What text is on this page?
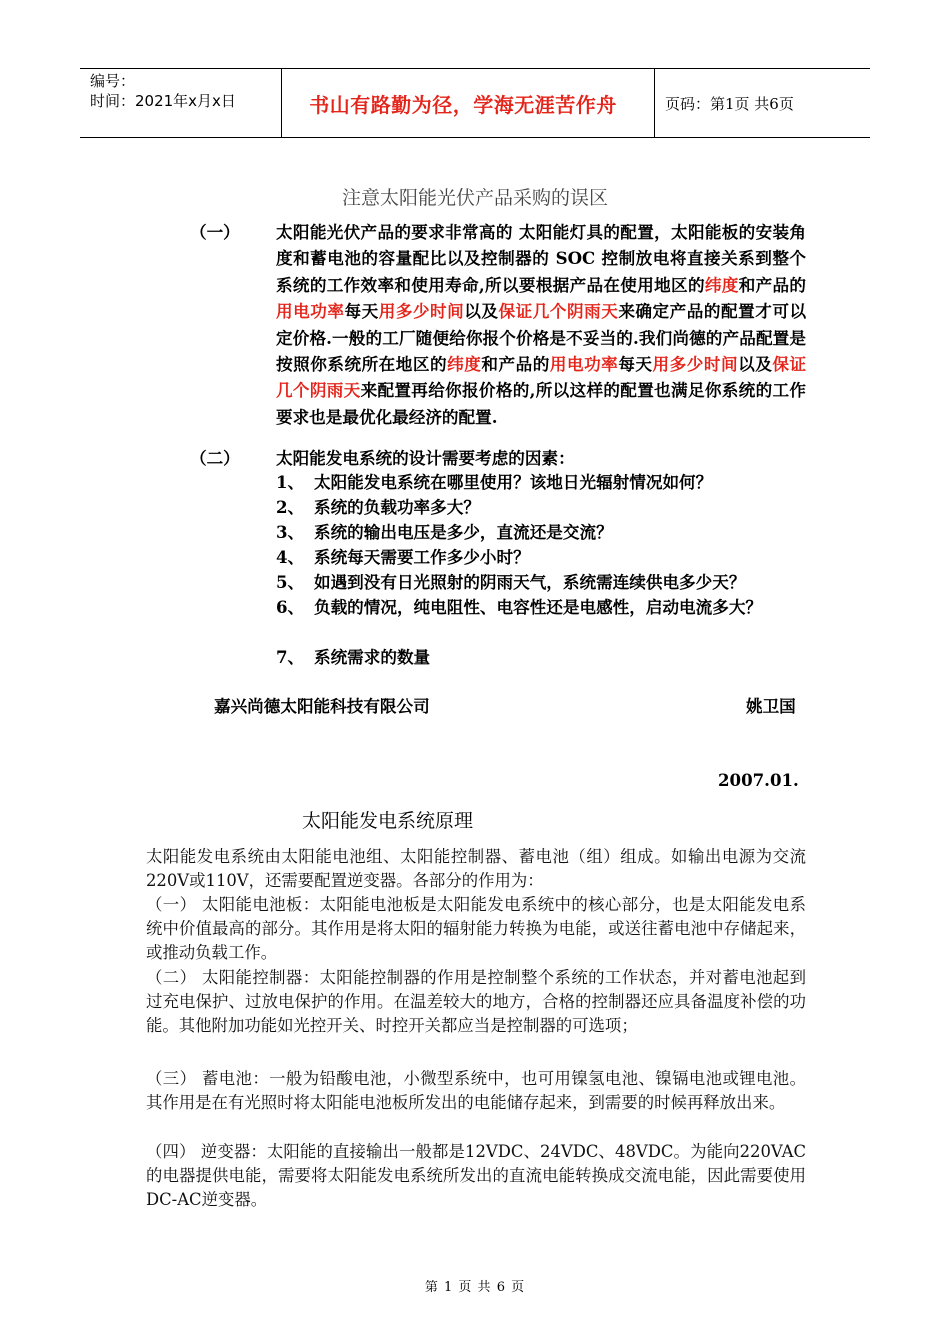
编号：
时间：2021年x月x日	书山有路勤为径，学海无涯苦作舟	页码：第1页 共6页
注意太阳能光伏产品采购的误区
（一） 太阳能光伏产品的要求非常高的 太阳能灯具的配置，太阳能板的安装角度和蓄电池的容量配比以及控制器的 SOC 控制放电将直接关系到整个系统的工作效率和使用寿命,所以要根据产品在使用地区的纬度和产品的用电功率每天用多少时间以及保证几个阴雨天来确定产品的配置才可以定价格.一般的工厂随便给你报个价格是不妥当的.我们尚德的产品配置是按照你系统所在地区的纬度和产品的用电功率每天用多少时间以及保证几个阴雨天来配置再给你报价格的,所以这样的配置也满足你系统的工作要求也是最优化最经济的配置.
（二） 太阳能发电系统的设计需要考虑的因素：
1、 太阳能发电系统在哪里使用？该地日光辐射情况如何？
2、 系统的负载功率多大？
3、 系统的输出电压是多少，直流还是交流？
4、 系统每天需要工作多少小时？
5、 如遇到没有日光照射的阴雨天气，系统需连续供电多少天？
6、 负载的情况，纯电阻性、电容性还是电感性，启动电流多大？
7、 系统需求的数量
嘉兴尚德太阳能科技有限公司	姚卫国
2007.01.
太阳能发电系统原理
太阳能发电系统由太阳能电池组、太阳能控制器、蓄电池（组）组成。如输出电源为交流220V或110V，还需要配置逆变器。各部分的作用为：
（一） 太阳能电池板：太阳能电池板是太阳能发电系统中的核心部分，也是太阳能发电系统中价值最高的部分。其作用是将太阳的辐射能力转换为电能，或送往蓄电池中存储起来，或推动负载工作。
（二） 太阳能控制器：太阳能控制器的作用是控制整个系统的工作状态，并对蓄电池起到过充电保护、过放电保护的作用。在温差较大的地方，合格的控制器还应具备温度补偿的功能。其他附加功能如光控开关、时控开关都应当是控制器的可选项；
（三） 蓄电池：一般为铅酸电池，小微型系统中，也可用镍氢电池、镍镉电池或锂电池。其作用是在有光照时将太阳能电池板所发出的电能储存起来，到需要的时候再释放出来。
（四） 逆变器：太阳能的直接输出一般都是12VDC、24VDC、48VDC。为能向220VAC的电器提供电能，需要将太阳能发电系统所发出的直流电能转换成交流电能，因此需要使用DC-AC逆变器。
第 1 页 共 6 页
